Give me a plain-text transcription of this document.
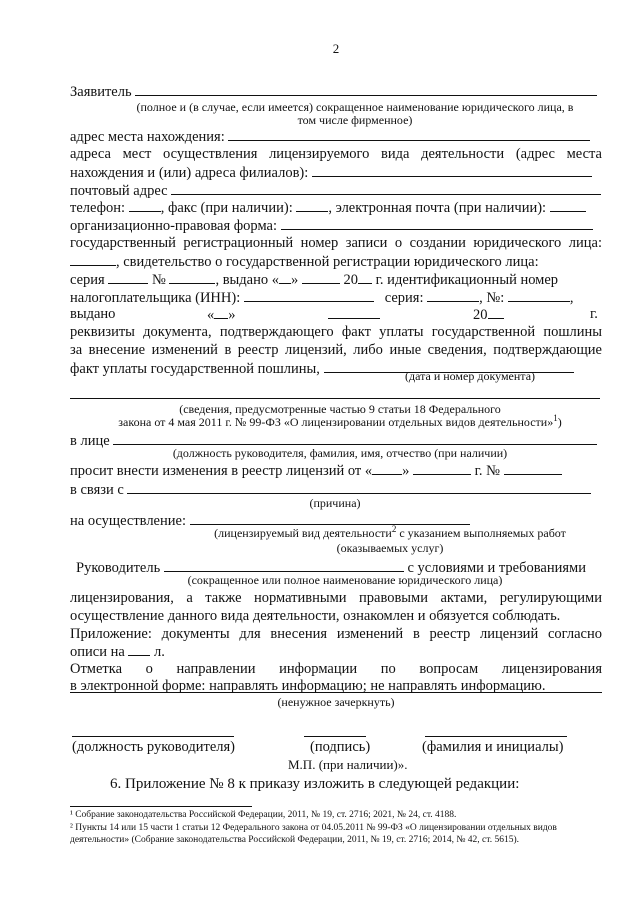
2
Заявитель
(полное и (в случае, если имеется) сокращенное наименование юридического лица, в
том числе фирменное)
адрес места нахождения:
адреса мест осуществления лицензируемого вида деятельности (адрес места
нахождения и (или) адреса филиалов):
почтовый адрес
телефон: , факс (при наличии): , электронная почта (при наличии):
организационно-правовая форма:
государственный регистрационный номер записи о создании юридического лица:
, свидетельство о государственной регистрации юридического лица:
серия	№	, выдано « »	20 г. идентификационный номер
налогоплательщика (ИНН):	серия:	, №:	,
выдано	« »	20	г.
реквизиты документа, подтверждающего факт уплаты государственной пошлины
за внесение изменений в реестр лицензий, либо иные сведения, подтверждающие
факт уплаты государственной пошлины,	(дата и номер документа)
(сведения, предусмотренные частью 9 статьи 18 Федерального
закона от 4 мая 2011 г. № 99-ФЗ «О лицензировании отдельных видов деятельности»$^1$)
в лице
(должность руководителя, фамилия, имя, отчество (при наличии)
просит внести изменения в реестр лицензий от « »	г. №
в связи с
(причина)
на осуществление:
(лицензируемый вид деятельности$^2$ с указанием выполняемых работ
(оказываемых услуг)
Руководитель	с условиями и требованиями
(сокращенное или полное наименование юридического лица)
лицензирования, а также нормативными правовыми актами, регулирующими
осуществление данного вида деятельности, ознакомлен и обязуется соблюдать.
Приложение: документы для внесения изменений в реестр лицензий согласно
описи на л.
Отметка о направлении информации по вопросам лицензирования
в электронной форме: направлять информацию; не направлять информацию.
(ненужное зачеркнуть)
(должность руководителя)	(подпись)	(фамилия и инициалы)
М.П. (при наличии)».
6. Приложение № 8 к приказу изложить в следующей редакции:
¹ Собрание законодательства Российской Федерации, 2011, № 19, ст. 2716; 2021, № 24, ст. 4188.
² Пункты 14 или 15 части 1 статьи 12 Федерального закона от 04.05.2011 № 99-ФЗ «О лицензировании отдельных видов
деятельности» (Собрание законодательства Российской Федерации, 2011, № 19, ст. 2716; 2014, № 42, ст. 5615).
